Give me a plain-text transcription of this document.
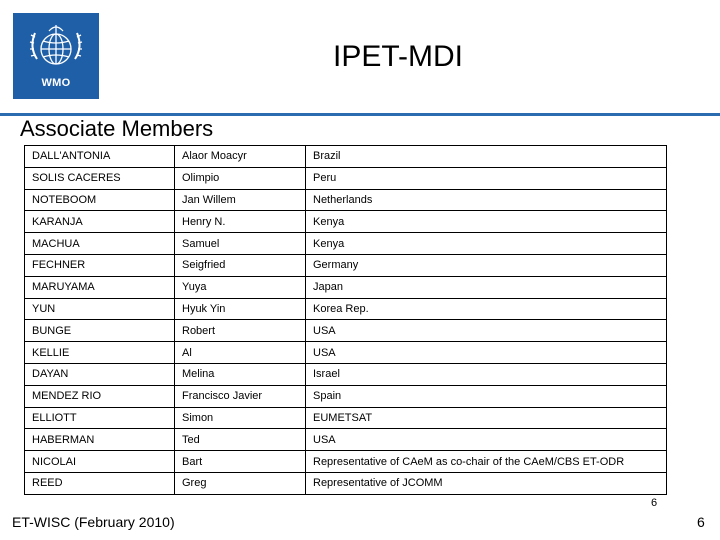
WMO
IPET-MDI
Associate Members
DALL'ANTONIA	Alaor Moacyr	Brazil
SOLIS CACERES	Olimpio	Peru
NOTEBOOM	Jan Willem	Netherlands
KARANJA	Henry N.	Kenya
MACHUA	Samuel	Kenya
FECHNER	Seigfried	Germany
MARUYAMA	Yuya	Japan
YUN	Hyuk Yin	Korea Rep.
BUNGE	Robert	USA
KELLIE	Al	USA
DAYAN	Melina	Israel
MENDEZ RIO	Francisco Javier	Spain
ELLIOTT	Simon	EUMETSAT
HABERMAN	Ted	USA
NICOLAI	Bart	Representative of CAeM as co-chair of the CAeM/CBS ET-ODR
REED	Greg	Representative of JCOMM
6
ET-WISC (February 2010)	6
